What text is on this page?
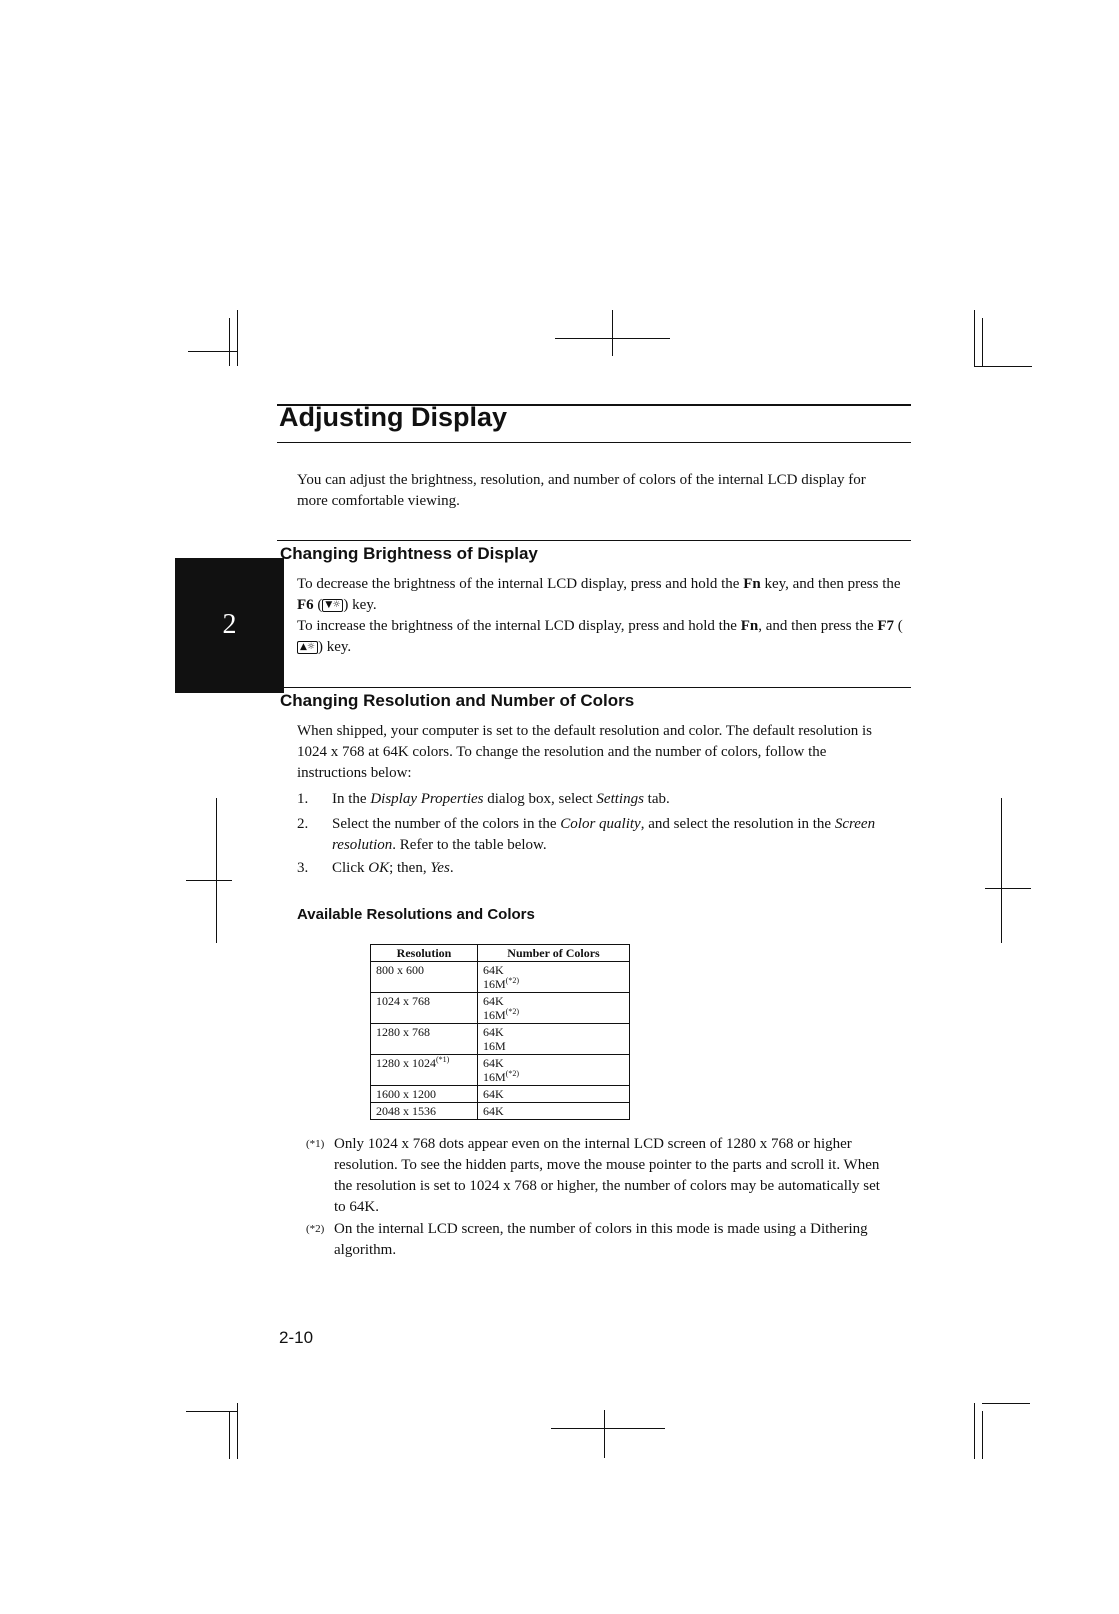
Adjusting Display

You can adjust the brightness, resolution, and number of colors of the internal LCD display for more comfortable viewing.

2
Changing Brightness of Display

To decrease the brightness of the internal LCD display, press and hold the Fn key, and then press the F6 ( ▼☼ ) key.

To increase the brightness of the internal LCD display, press and hold the Fn, and then press the F7 (▲☼ ) key.

Changing Resolution and Number of Colors

When shipped, your computer is set to the default resolution and color. The default resolution is 1024 x 768 at 64K colors. To change the resolution and the number of colors, follow the instructions below:

1. In the Display Properties dialog box, select Settings tab.
2. Select the number of the colors in the Color quality, and select the resolution in the Screen resolution. Refer to the table below.
3. Click OK; then, Yes.
Available Resolutions and Colors
Resolution	Number of Colors
800 x 600	64K
$16M^{(*2)}$

1024 x 768	64K
$16M^{(*2)}$

1280 x 768	64K
16M

1280 x $1024^{(*1)}$	64K
$16M^{(*2)}$

1600 x 1200	64K

2048 x 1536	64K
(*1) Only 1024 x 768 dots appear even on the internal LCD screen of 1280 x 768 or higher resolution. To see the hidden parts, move the mouse pointer to the parts and scroll it. When the resolution is set to 1024 x 768 or higher, the number of colors may be automatically set to 64K.
(*2) On the internal LCD screen, the number of colors in this mode is made using a Dithering algorithm.
2-10
